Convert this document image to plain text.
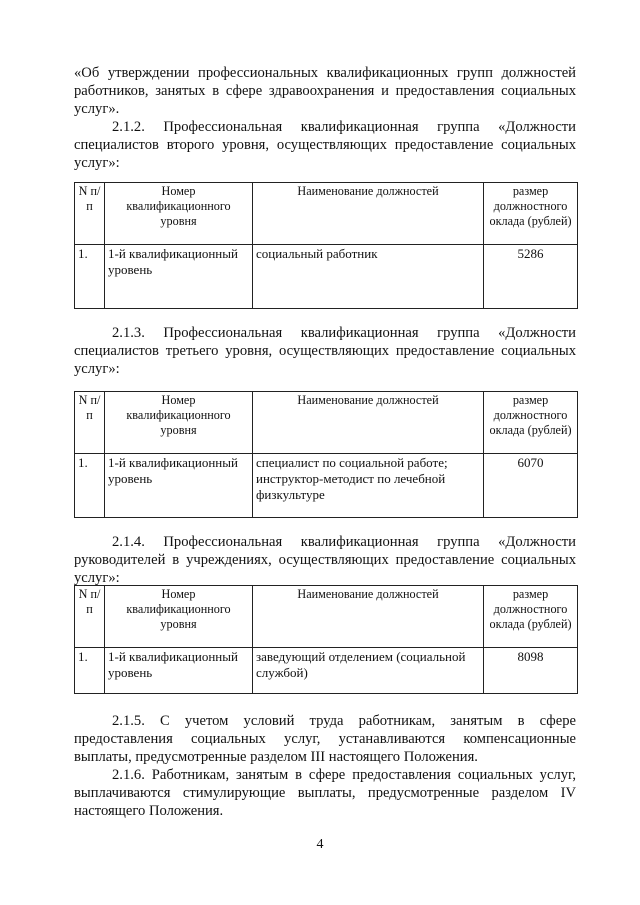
«Об утверждении профессиональных квалификационных групп должностей работников, занятых в сфере здравоохранения и предоставления социальных услуг».

2.1.2. Профессиональная квалификационная группа «Должности специалистов второго уровня, осуществляющих предоставление социальных услуг»:

N п/п	Номер квалификационного уровня	Наименование должностей	размер должностного оклада (рублей)
1.	1-й квалификационный уровень	социальный работник	5286

2.1.3. Профессиональная квалификационная группа «Должности специалистов третьего уровня, осуществляющих предоставление социальных услуг»:

N п/п	Номер квалификационного уровня	Наименование должностей	размер должностного оклада (рублей)
1.	1-й квалификационный уровень	специалист по социальной работе; инструктор-методист по лечебной физкультуре	6070

2.1.4. Профессиональная квалификационная группа «Должности руководителей в учреждениях, осуществляющих предоставление социальных услуг»:

N п/п	Номер квалификационного уровня	Наименование должностей	размер должностного оклада (рублей)
1.	1-й квалификационный уровень	заведующий отделением (социальной службой)	8098

2.1.5. С учетом условий труда работникам, занятым в сфере предоставления социальных услуг, устанавливаются компенсационные выплаты, предусмотренные разделом III настоящего Положения.

2.1.6. Работникам, занятым в сфере предоставления социальных услуг, выплачиваются стимулирующие выплаты, предусмотренные разделом IV настоящего Положения.

4
